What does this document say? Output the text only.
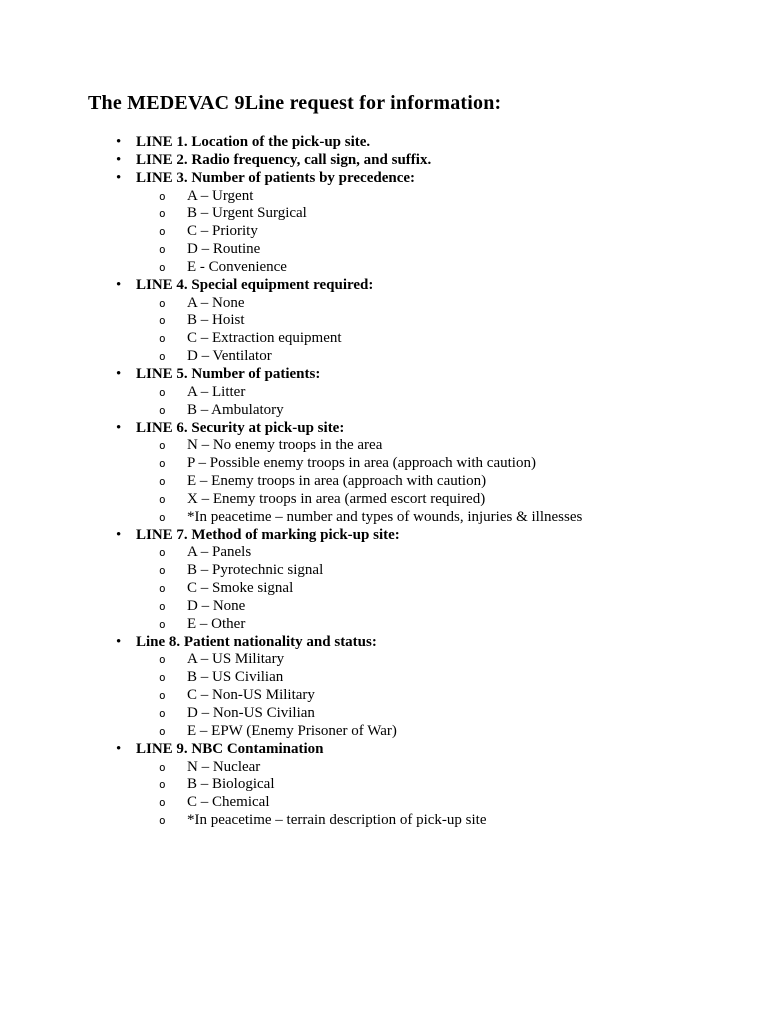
The MEDEVAC 9Line request for information:
• LINE 1. Location of the pick-up site.
• LINE 2. Radio frequency, call sign, and suffix.
• LINE 3. Number of patients by precedence:
o A – Urgent
o B – Urgent Surgical
o C – Priority
o D – Routine
o E - Convenience
• LINE 4. Special equipment required:
o A – None
o B – Hoist
o C – Extraction equipment
o D – Ventilator
• LINE 5. Number of patients:
o A – Litter
o B – Ambulatory
• LINE 6. Security at pick-up site:
o N – No enemy troops in the area
o P – Possible enemy troops in area (approach with caution)
o E – Enemy troops in area (approach with caution)
o X – Enemy troops in area (armed escort required)
o *In peacetime – number and types of wounds, injuries & illnesses
• LINE 7. Method of marking pick-up site:
o A – Panels
o B – Pyrotechnic signal
o C – Smoke signal
o D – None
o E – Other
• Line 8. Patient nationality and status:
o A – US Military
o B – US Civilian
o C – Non-US Military
o D – Non-US Civilian
o E – EPW (Enemy Prisoner of War)
• LINE 9. NBC Contamination
o N – Nuclear
o B – Biological
o C – Chemical
o *In peacetime – terrain description of pick-up site
